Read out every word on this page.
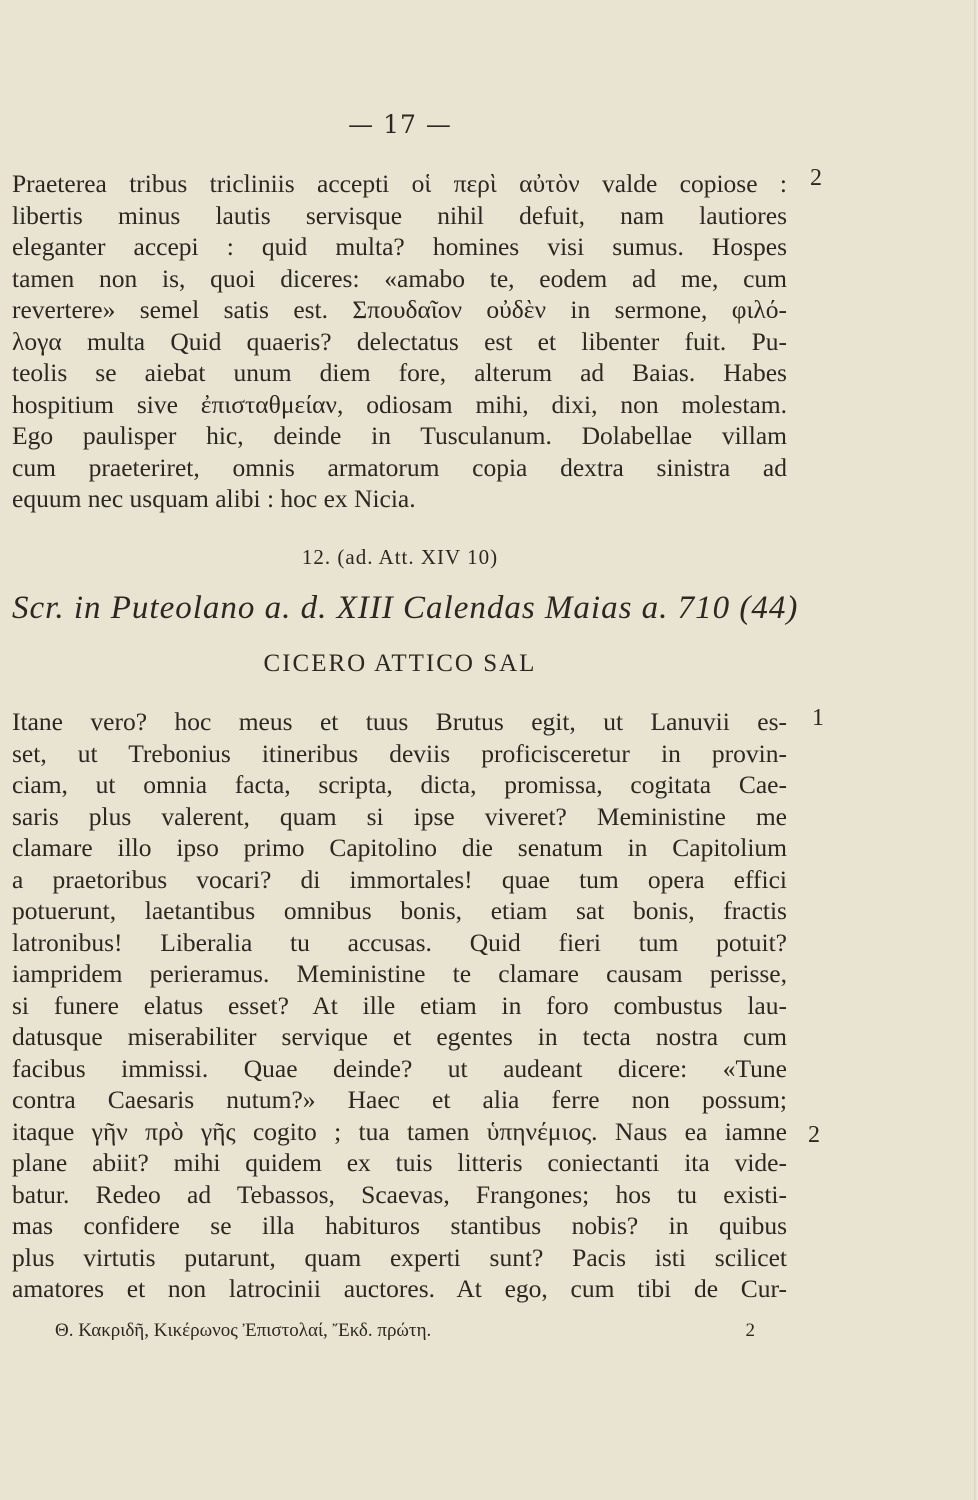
— 17 —
Praeterea tribus tricliniis accepti οἱ περὶ αὐτὸν valde copiose :
libertis minus lautis servisque nihil defuit, nam lautiores
eleganter accepi : quid multa? homines visi sumus. Hospes
tamen non is, quoi diceres: «amabo te, eodem ad me, cum
revertere» semel satis est. Σπουδαῖον οὐδὲν in sermone, φιλό-
λογα multa Quid quaeris? delectatus est et libenter fuit. Pu-
teolis se aiebat unum diem fore, alterum ad Baias. Habes
hospitium sive ἐπισταθμείαν, odiosam mihi, dixi, non molestam.
Ego paulisper hic, deinde in Tusculanum. Dolabellae villam
cum praeteriret, omnis armatorum copia dextra sinistra ad
equum nec usquam alibi : hoc ex Nicia.
2
12. (ad. Att. XIV 10)
Scr. in Puteolano a. d. XIII Calendas Maias a. 710 (44)
CICERO ATTICO SAL
Itane vero? hoc meus et tuus Brutus egit, ut Lanuvii es-
set, ut Trebonius itineribus deviis proficisceretur in provin-
ciam, ut omnia facta, scripta, dicta, promissa, cogitata Cae-
saris plus valerent, quam si ipse viveret? Meministine me
clamare illo ipso primo Capitolino die senatum in Capitolium
a praetoribus vocari? di immortales! quae tum opera effici
potuerunt, laetantibus omnibus bonis, etiam sat bonis, fractis
latronibus! Liberalia tu accusas. Quid fieri tum potuit?
iampridem perieramus. Meministine te clamare causam perisse,
si funere elatus esset? At ille etiam in foro combustus lau-
datusque miserabiliter servique et egentes in tecta nostra cum
facibus immissi. Quae deinde? ut audeant dicere: «Tune
contra Caesaris nutum?» Haec et alia ferre non possum;
itaque γῆν πρὸ γῆς cogito ; tua tamen ὑπηνέμιος. Naus ea iamne
plane abiit? mihi quidem ex tuis litteris coniectanti ita vide-
batur. Redeo ad Tebassos, Scaevas, Frangones; hos tu existi-
mas confidere se illa habituros stantibus nobis? in quibus
plus virtutis putarunt, quam experti sunt? Pacis isti scilicet
amatores et non latrocinii auctores. At ego, cum tibi de Cur-
1
2
Θ. Κακριδῆ, Κικέρωνος Ἐπιστολαί, Ἔκδ. πρώτη.	2
